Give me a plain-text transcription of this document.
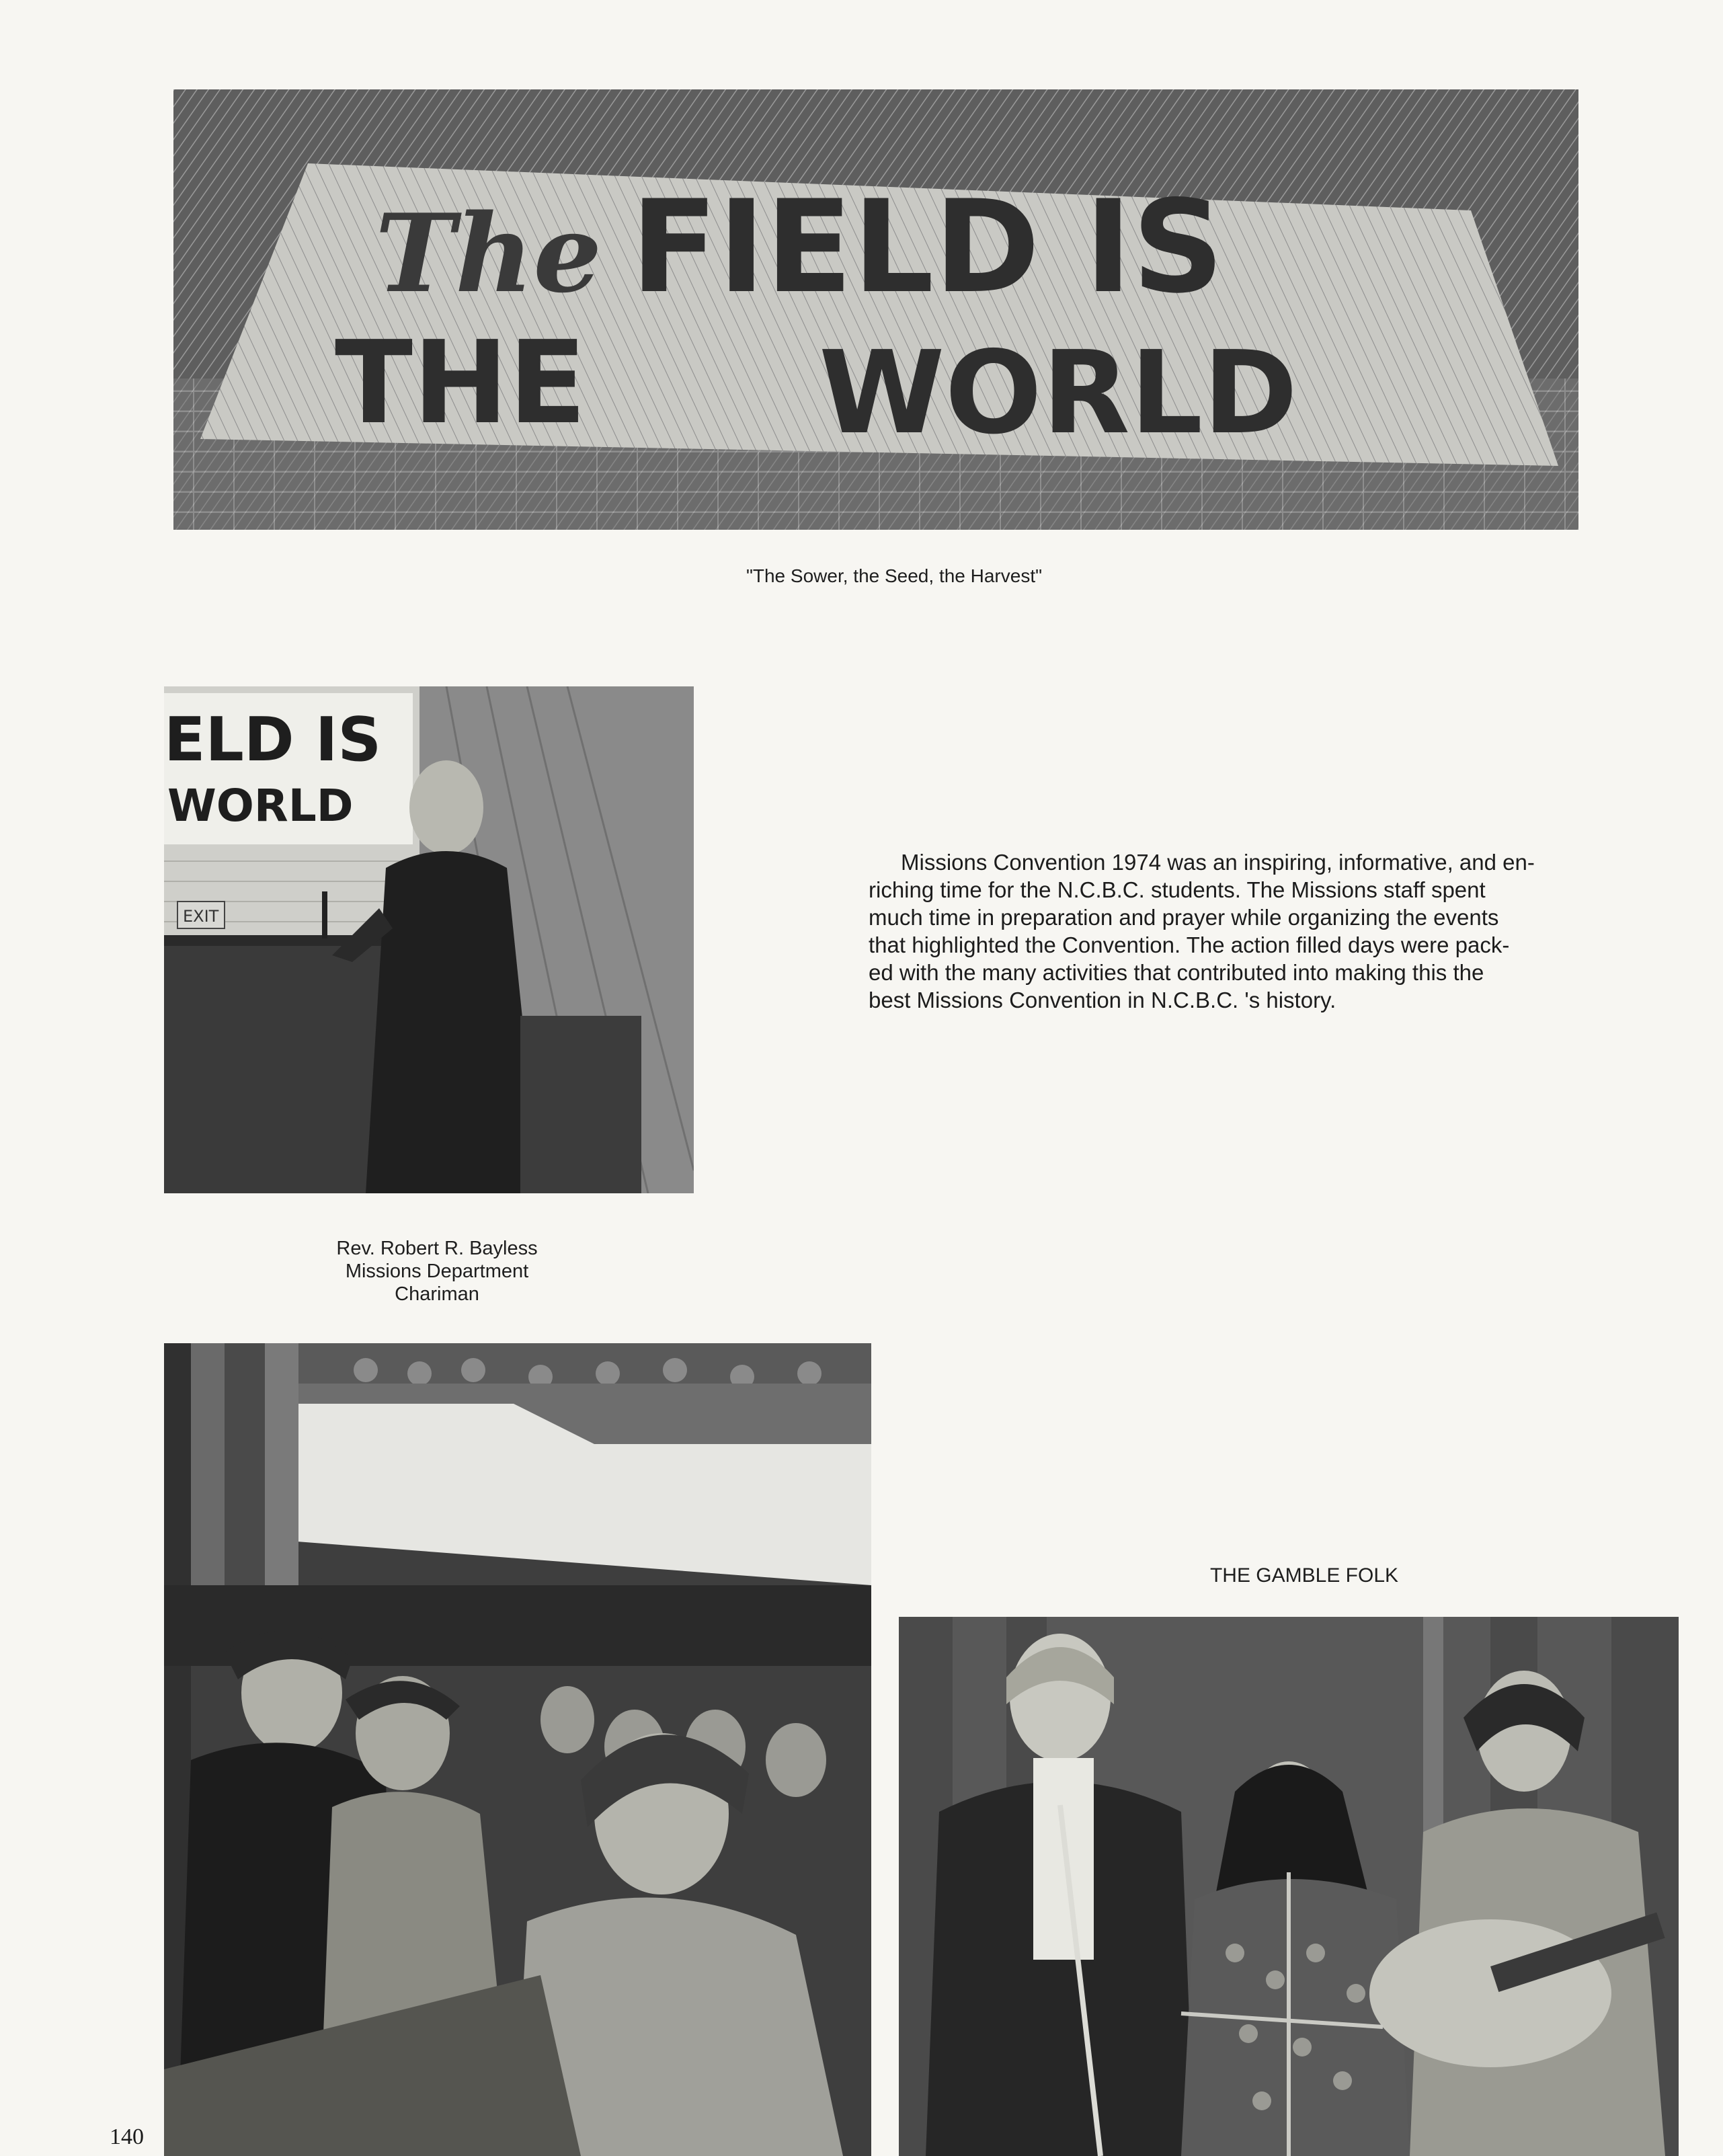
The FIELD IS
THE WORLD
"The Sower, the Seed, the Harvest"
ELD IS
WORLD
EXIT
Rev. Robert R. Bayless
Missions Department
Chariman
Missions Convention 1974 was an inspiring, informative, and en-
riching time for the N.C.B.C. students. The Missions staff spent
much time in preparation and prayer while organizing the events
that highlighted the Convention. The action filled days were pack-
ed with the many activities that contributed into making this the
best Missions Convention in N.C.B.C. 's history.
THE GAMBLE FOLK
140
